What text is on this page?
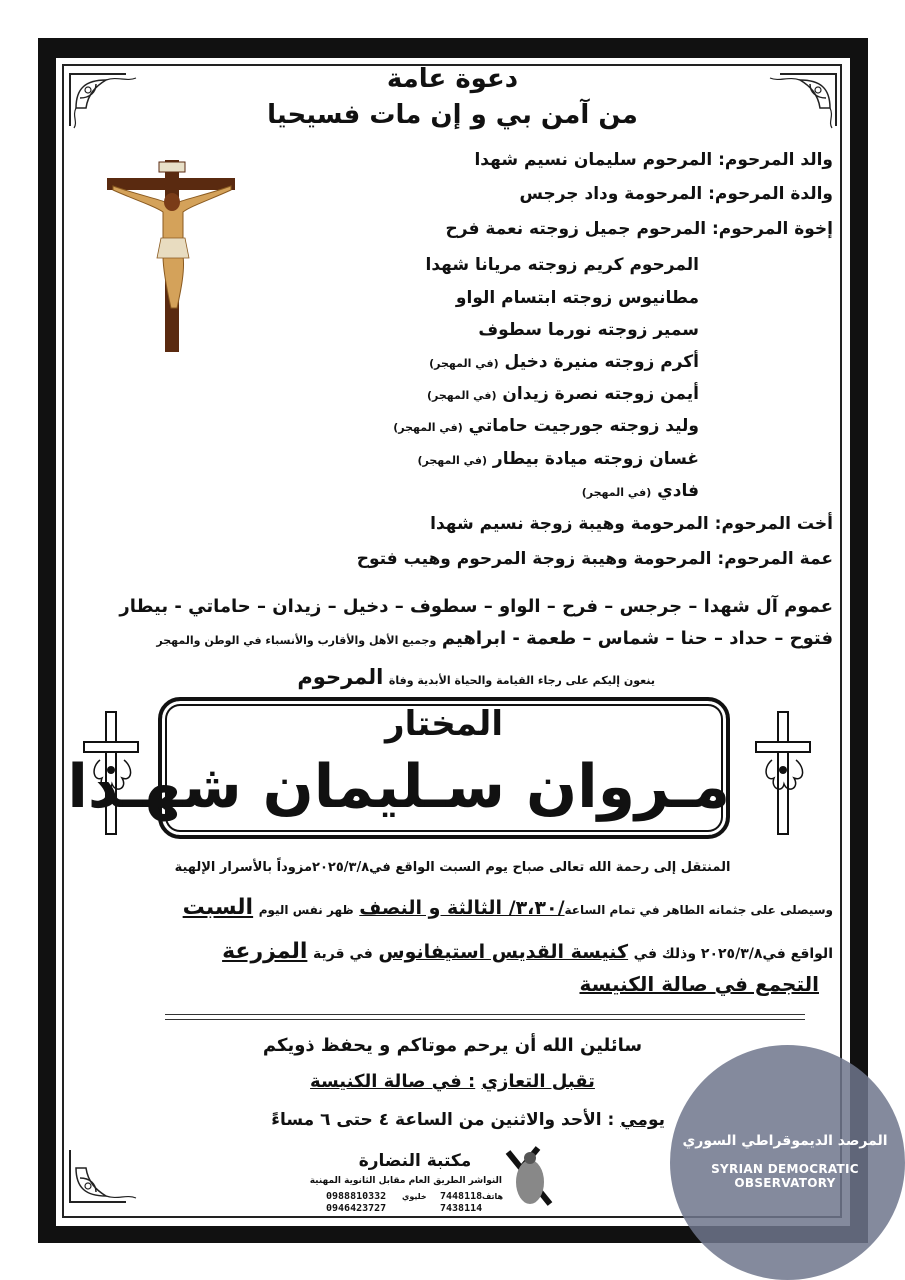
دعوة عامة
من آمن بي و إن مات فسيحيا
والد المرحوم: المرحوم سليمان نسيم شهدا
والدة المرحوم: المرحومة وداد جرجس
إخوة المرحوم: المرحوم جميل زوجته نعمة فرح
المرحوم كريم زوجته مريانا شهدا
مطانيوس زوجته ابتسام الواو
سمير زوجته نورما سطوف
أكرم زوجته منيرة دخيل (في المهجر)
أيمن زوجته نصرة زيدان (في المهجر)
وليد زوجته جورجيت حاماتي (في المهجر)
غسان زوجته ميادة بيطار (في المهجر)
فادي (في المهجر)
أخت المرحوم: المرحومة وهيبة زوجة نسيم شهدا
عمة المرحوم: المرحومة وهيبة زوجة المرحوم وهيب فتوح
عموم آل شهدا – جرجس – فرح – الواو – سطوف – دخيل – زيدان – حاماتي - بيطار
فتوح – حداد – حنا – شماس – طعمة - ابراهيم وجميع الأهل والأقارب والأنسباء في الوطن والمهجر
ينعون إليكم على رجاء القيامة والحياة الأبدية وفاة المرحوم
المختار
مـروان سـليمان شهـدا
المنتقل إلى رحمة الله تعالى صباح يوم السبت الواقع في٢٠٢٥/٣/٨مزوداً بالأسرار الإلهية
وسيصلى على جثمانه الطاهر في تمام الساعة/٣،٣٠/ الثالثة و النصف ظهر نفس اليوم السبت
الواقع في٢٠٢٥/٣/٨ وذلك في كنيسة القديس استيفانوس في قرية المزرعة
التجمع في صالة الكنيسة
سائلين الله أن يرحم موتاكم و يحفظ ذويكم
تقبل التعازي : في صالة الكنيسة
يومي : الأحد والاثنين من الساعة ٤ حتى ٦ مساءً
مكتبة النضارة
النواشر الطريق العام مقابل الثانوية المهنية
0988810332
0946423727
خليوي 7448118 هاتف
7438114
المرصد الديموقراطي السوري
SYRIAN DEMOCRATIC OBSERVATORY
